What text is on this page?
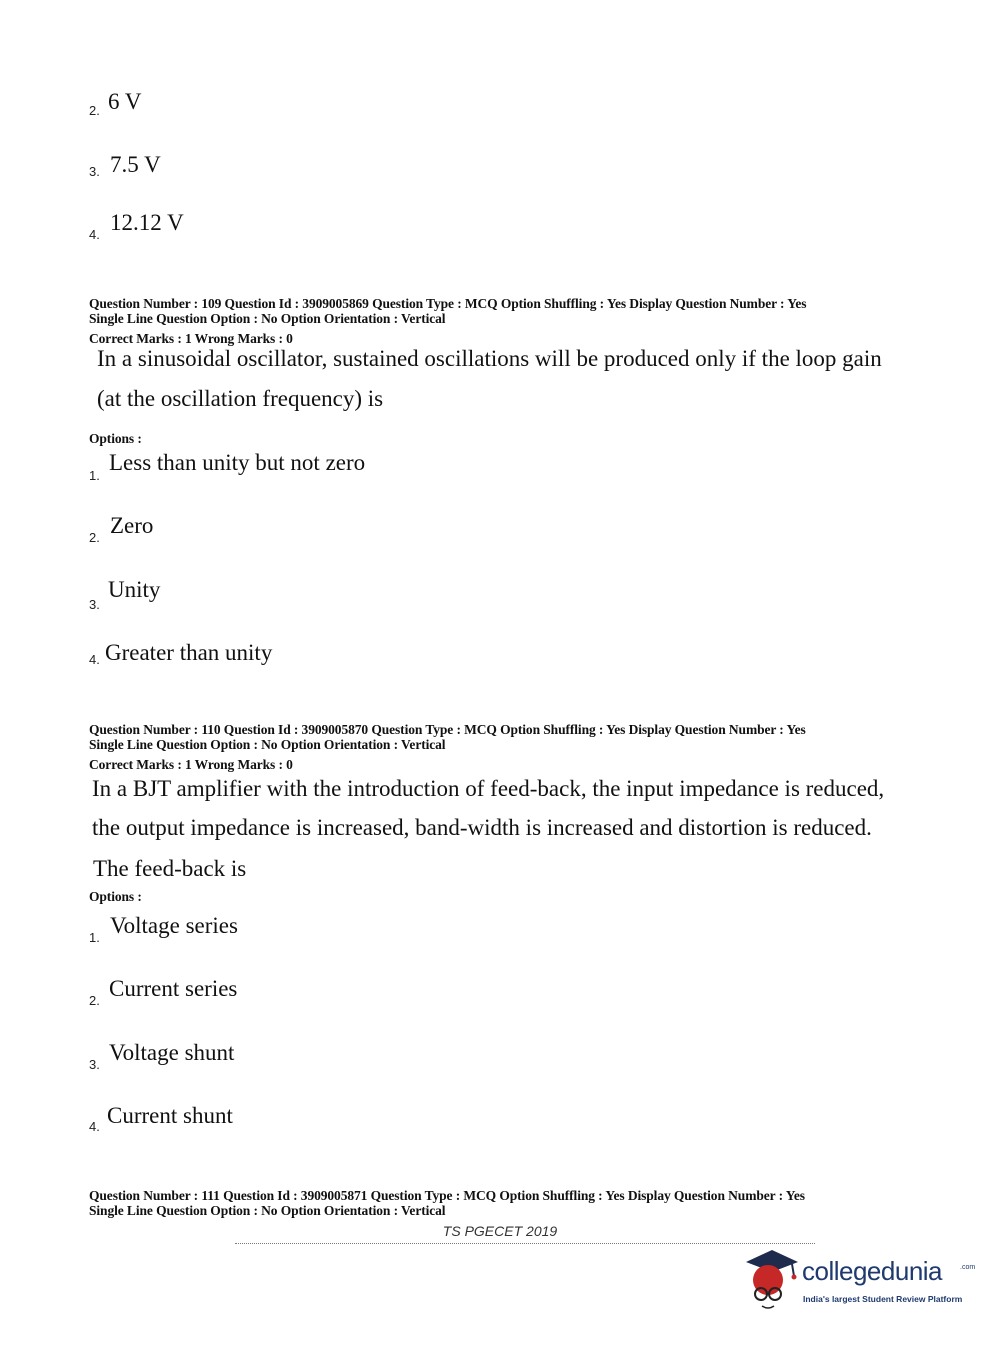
2. 6 V
3. 7.5 V
4. 12.12 V
Question Number : 109 Question Id : 3909005869 Question Type : MCQ Option Shuffling : Yes Display Question Number : Yes
Single Line Question Option : No Option Orientation : Vertical
Correct Marks : 1 Wrong Marks : 0
In a sinusoidal oscillator, sustained oscillations will be produced only if the loop gain
(at the oscillation frequency) is
Options :
1.
Less than unity but not zero
2. Zero
3.
Unity
4. Greater than unity
Question Number : 110 Question Id : 3909005870 Question Type : MCQ Option Shuffling : Yes Display Question Number : Yes
Single Line Question Option : No Option Orientation : Vertical
Correct Marks : 1 Wrong Marks : 0
In a BJT amplifier with the introduction of feed-back, the input impedance is reduced,
the output impedance is increased, band-width is increased and distortion is reduced.
The feed-back is
Options :
1. Voltage series
2. Current series
3. Voltage shunt
4. Current shunt
Question Number : 111 Question Id : 3909005871 Question Type : MCQ Option Shuffling : Yes Display Question Number : Yes
Single Line Question Option : No Option Orientation : Vertical
TS PGECET 2019
collegedunia	.com
India's largest Student Review Platform
